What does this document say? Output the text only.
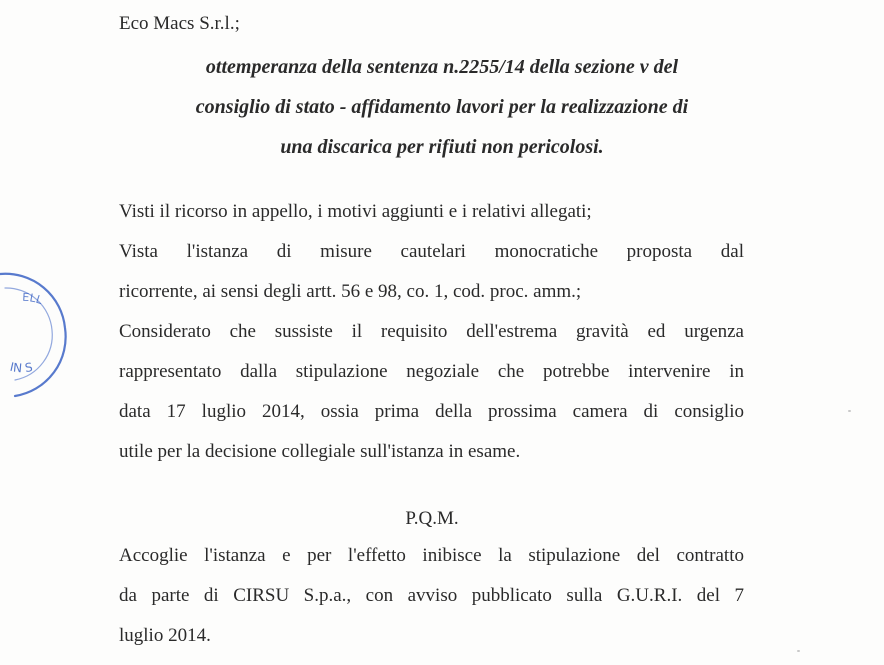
Eco Macs S.r.l.;
ottemperanza della sentenza n.2255/14 della sezione v del
consiglio di stato - affidamento lavori per la realizzazione di
una discarica per rifiuti non pericolosi.
Visti il ricorso in appello, i motivi aggiunti e i relativi allegati;
Vista l'istanza di misure cautelari monocratiche proposta dal
ricorrente, ai sensi degli artt. 56 e 98, co. 1, cod. proc. amm.;
Considerato che sussiste il requisito dell'estrema gravità ed urgenza
rappresentato dalla stipulazione negoziale che potrebbe intervenire in
data 17 luglio 2014, ossia prima della prossima camera di consiglio
utile per la decisione collegiale sull'istanza in esame.
P.Q.M.
Accoglie l'istanza e per l'effetto inibisce la stipulazione del contratto
da parte di CIRSU S.p.a., con avviso pubblicato sulla G.U.R.I. del 7
luglio 2014.
ELL
IN S
